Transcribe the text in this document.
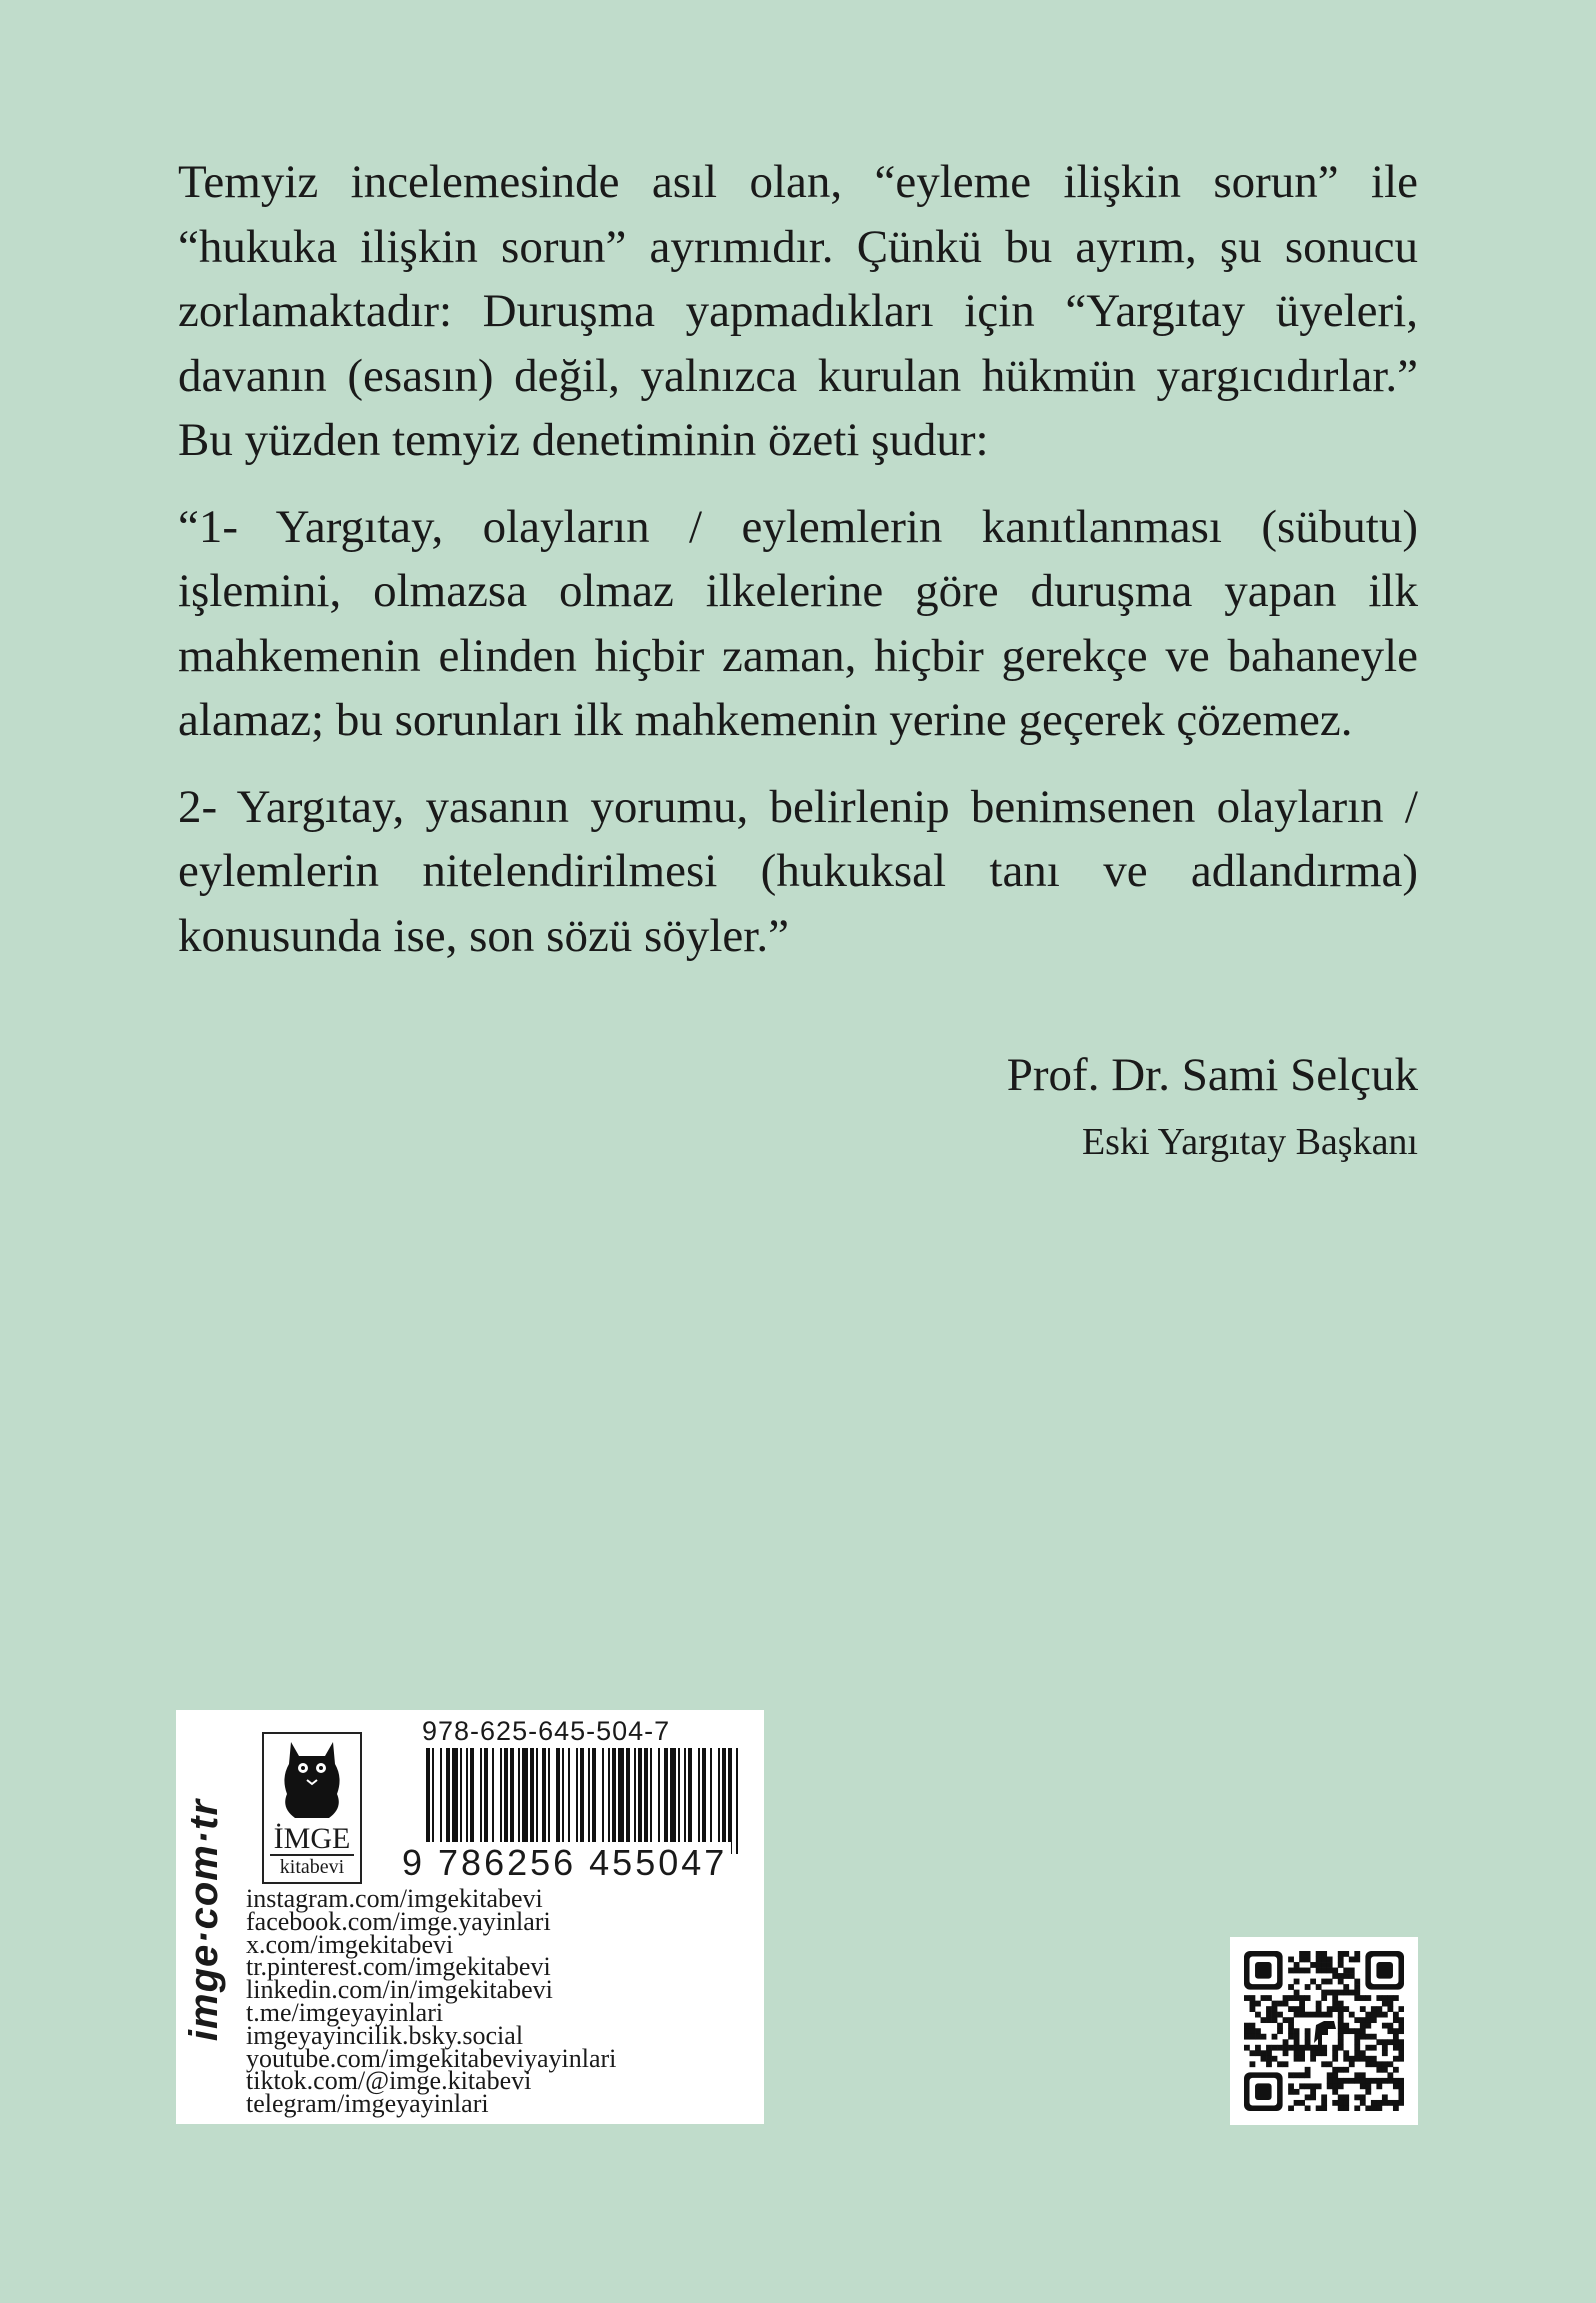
Temyiz incelemesinde asıl olan, “eyleme ilişkin sorun” ile “hukuka ilişkin sorun” ayrımıdır. Çünkü bu ayrım, şu sonucu zorlamaktadır: Duruşma yapmadıkları için “Yargıtay üyeleri, davanın (esasın) değil, yalnızca kurulan hükmün yargıcıdırlar.” Bu yüzden temyiz denetiminin özeti şudur:

“1- Yargıtay, olayların / eylemlerin kanıtlanması (sübutu) işlemini, olmazsa olmaz ilkelerine göre duruşma yapan ilk mahkemenin elinden hiçbir zaman, hiçbir gerekçe ve bahaneyle alamaz; bu sorunları ilk mahkemenin yerine geçerek çözemez.

2- Yargıtay, yasanın yorumu, belirlenip benimsenen olayların / eylemlerin nitelendirilmesi (hukuksal tanı ve adlandırma) konusunda ise, son sözü söyler.”

Prof. Dr. Sami Selçuk
Eski Yargıtay Başkanı
imge·com·tr	İMGE
kitabevi
978-625-645-504-7
9 786256 455047
instagram.com/imgekitabevi
facebook.com/imge.yayinlari
x.com/imgekitabevi
tr.pinterest.com/imgekitabevi
linkedin.com/in/imgekitabevi
t.me/imgeyayinlari
imgeyayincilik.bsky.social
youtube.com/imgekitabeviyayinlari
tiktok.com/@imge.kitabevi
telegram/imgeyayinlari
